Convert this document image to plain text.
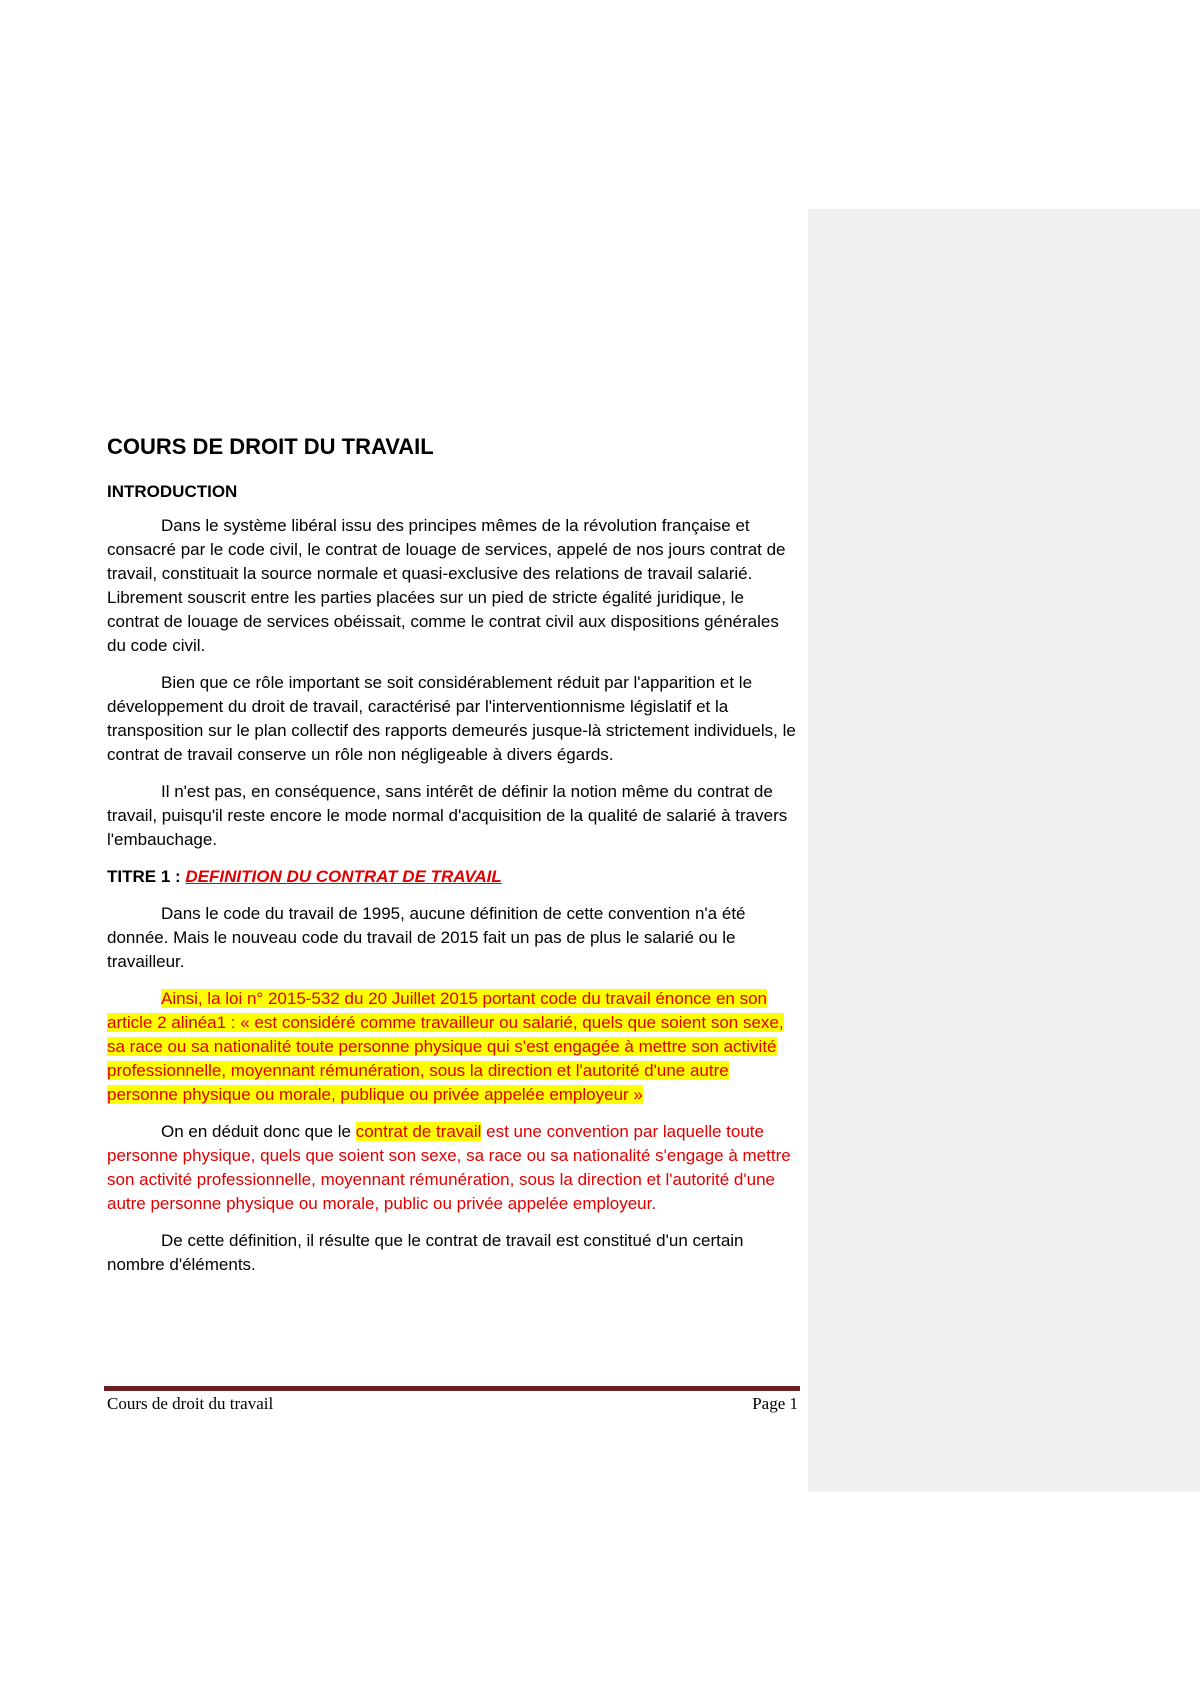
COURS DE DROIT DU TRAVAIL
INTRODUCTION

Dans le système libéral issu des principes mêmes de la révolution française et consacré par le code civil, le contrat de louage de services, appelé de nos jours contrat de travail, constituait la source normale et quasi-exclusive des relations de travail salarié. Librement souscrit entre les parties placées sur un pied de stricte égalité juridique, le contrat de louage de services obéissait, comme le contrat civil aux dispositions générales du code civil.

Bien que ce rôle important se soit considérablement réduit par l'apparition et le développement du droit de travail, caractérisé par l'interventionnisme législatif et la transposition sur le plan collectif des rapports demeurés jusque-là strictement individuels, le contrat de travail conserve un rôle non négligeable à divers égards.

Il n'est pas, en conséquence, sans intérêt de définir la notion même du contrat de travail, puisqu'il reste encore le mode normal d'acquisition de la qualité de salarié à travers l'embauchage.

TITRE 1 : DEFINITION DU CONTRAT DE TRAVAIL

Dans le code du travail de 1995, aucune définition de cette convention n'a été donnée. Mais le nouveau code du travail de 2015 fait un pas de plus le salarié ou le travailleur.

Ainsi, la loi n° 2015-532 du 20 Juillet 2015 portant code du travail énonce en son article 2 alinéa1 : « est considéré comme travailleur ou salarié, quels que soient son sexe, sa race ou sa nationalité toute personne physique qui s'est engagée à mettre son activité professionnelle, moyennant rémunération, sous la direction et l'autorité d'une autre personne physique ou morale, publique ou privée appelée employeur »

On en déduit donc que le contrat de travail est une convention par laquelle toute personne physique, quels que soient son sexe, sa race ou sa nationalité s'engage à mettre son activité professionnelle, moyennant rémunération, sous la direction et l'autorité d'une autre personne physique ou morale, public ou privée appelée employeur.

De cette définition, il résulte que le contrat de travail est constitué d'un certain nombre d'éléments.

Cours de droit du travail	Page 1
